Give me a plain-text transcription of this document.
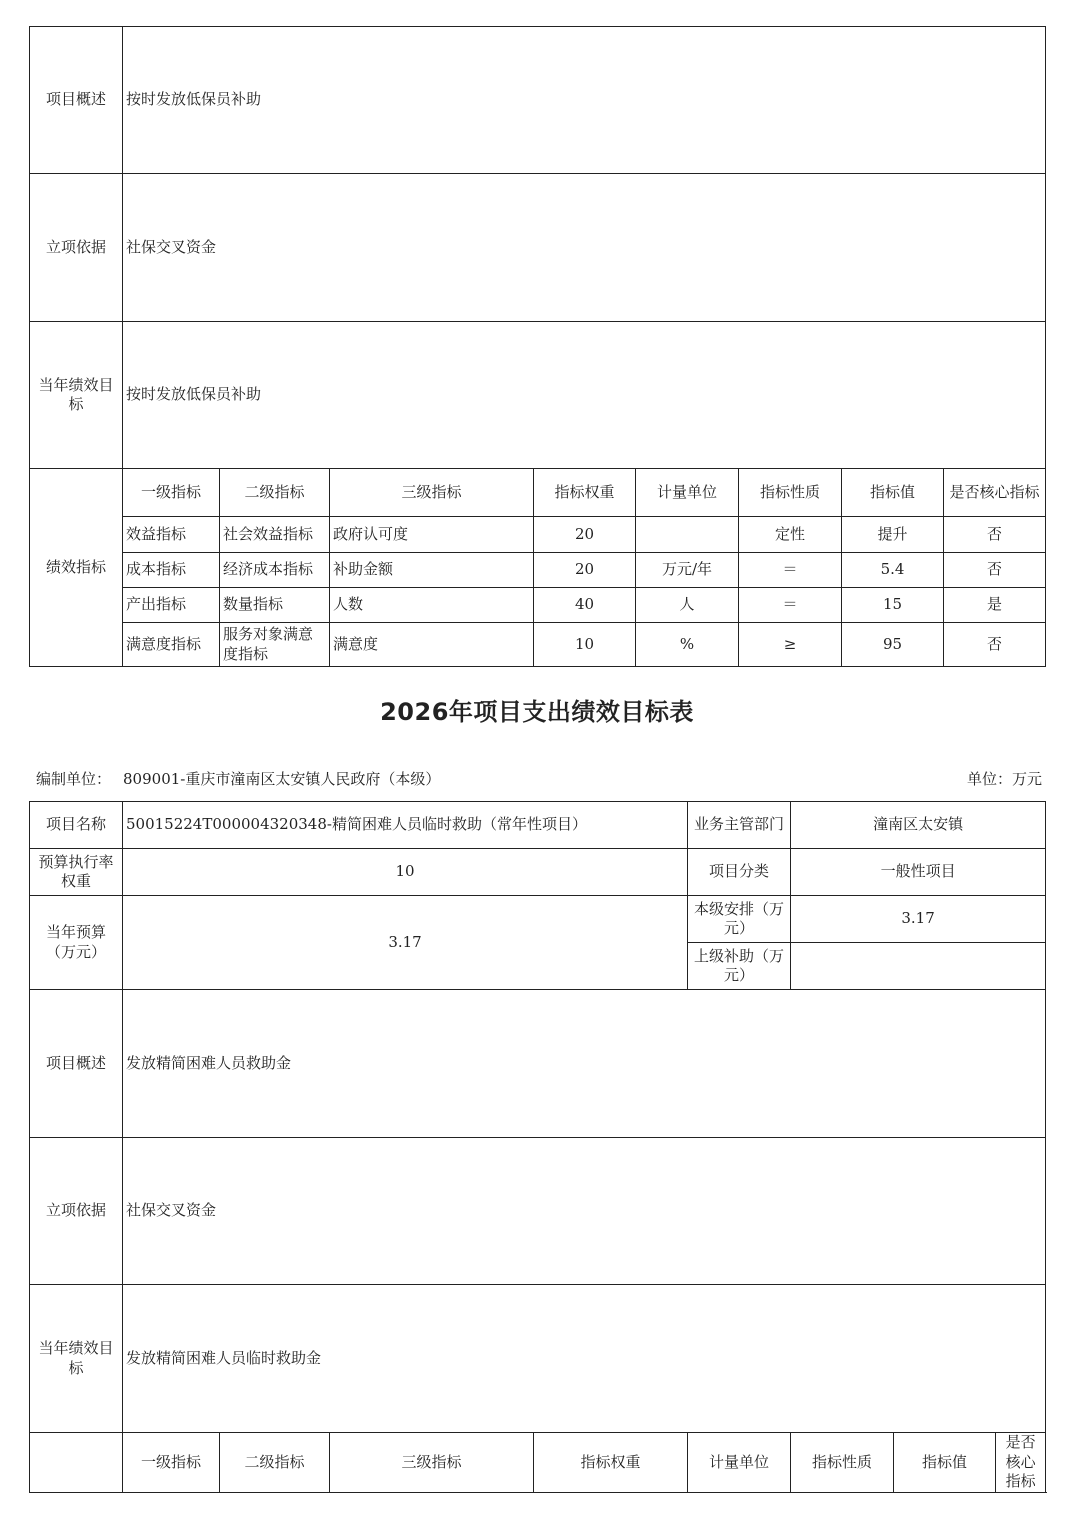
项目概述	按时发放低保员补助							
立项依据	社保交叉资金							
当年绩效目标	按时发放低保员补助							
绩效指标	一级指标	二级指标	三级指标	指标权重	计量单位	指标性质	指标值	是否核心指标
	效益指标	社会效益指标	政府认可度	20		定性	提升	否
	成本指标	经济成本指标	补助金额	20	万元/年	＝	5.4	否
	产出指标	数量指标	人数	40	人	＝	15	是
	满意度指标	服务对象满意度指标	满意度	10	%	≥	95	否
2026年项目支出绩效目标表
编制单位： 809001-重庆市潼南区太安镇人民政府（本级）	单位：万元
项目名称	50015224T000004320348-精简困难人员临时救助（常年性项目）				业务主管部门	潼南区太安镇		
预算执行率权重	10				项目分类	一般性项目		
当年预算（万元）	3.17				本级安排（万元）	3.17		
					上级补助（万元）			
项目概述	发放精简困难人员救助金							
立项依据	社保交叉资金							
当年绩效目标	发放精简困难人员临时救助金							
	一级指标	二级指标	三级指标	指标权重	计量单位	指标性质	指标值	是否核心指标
